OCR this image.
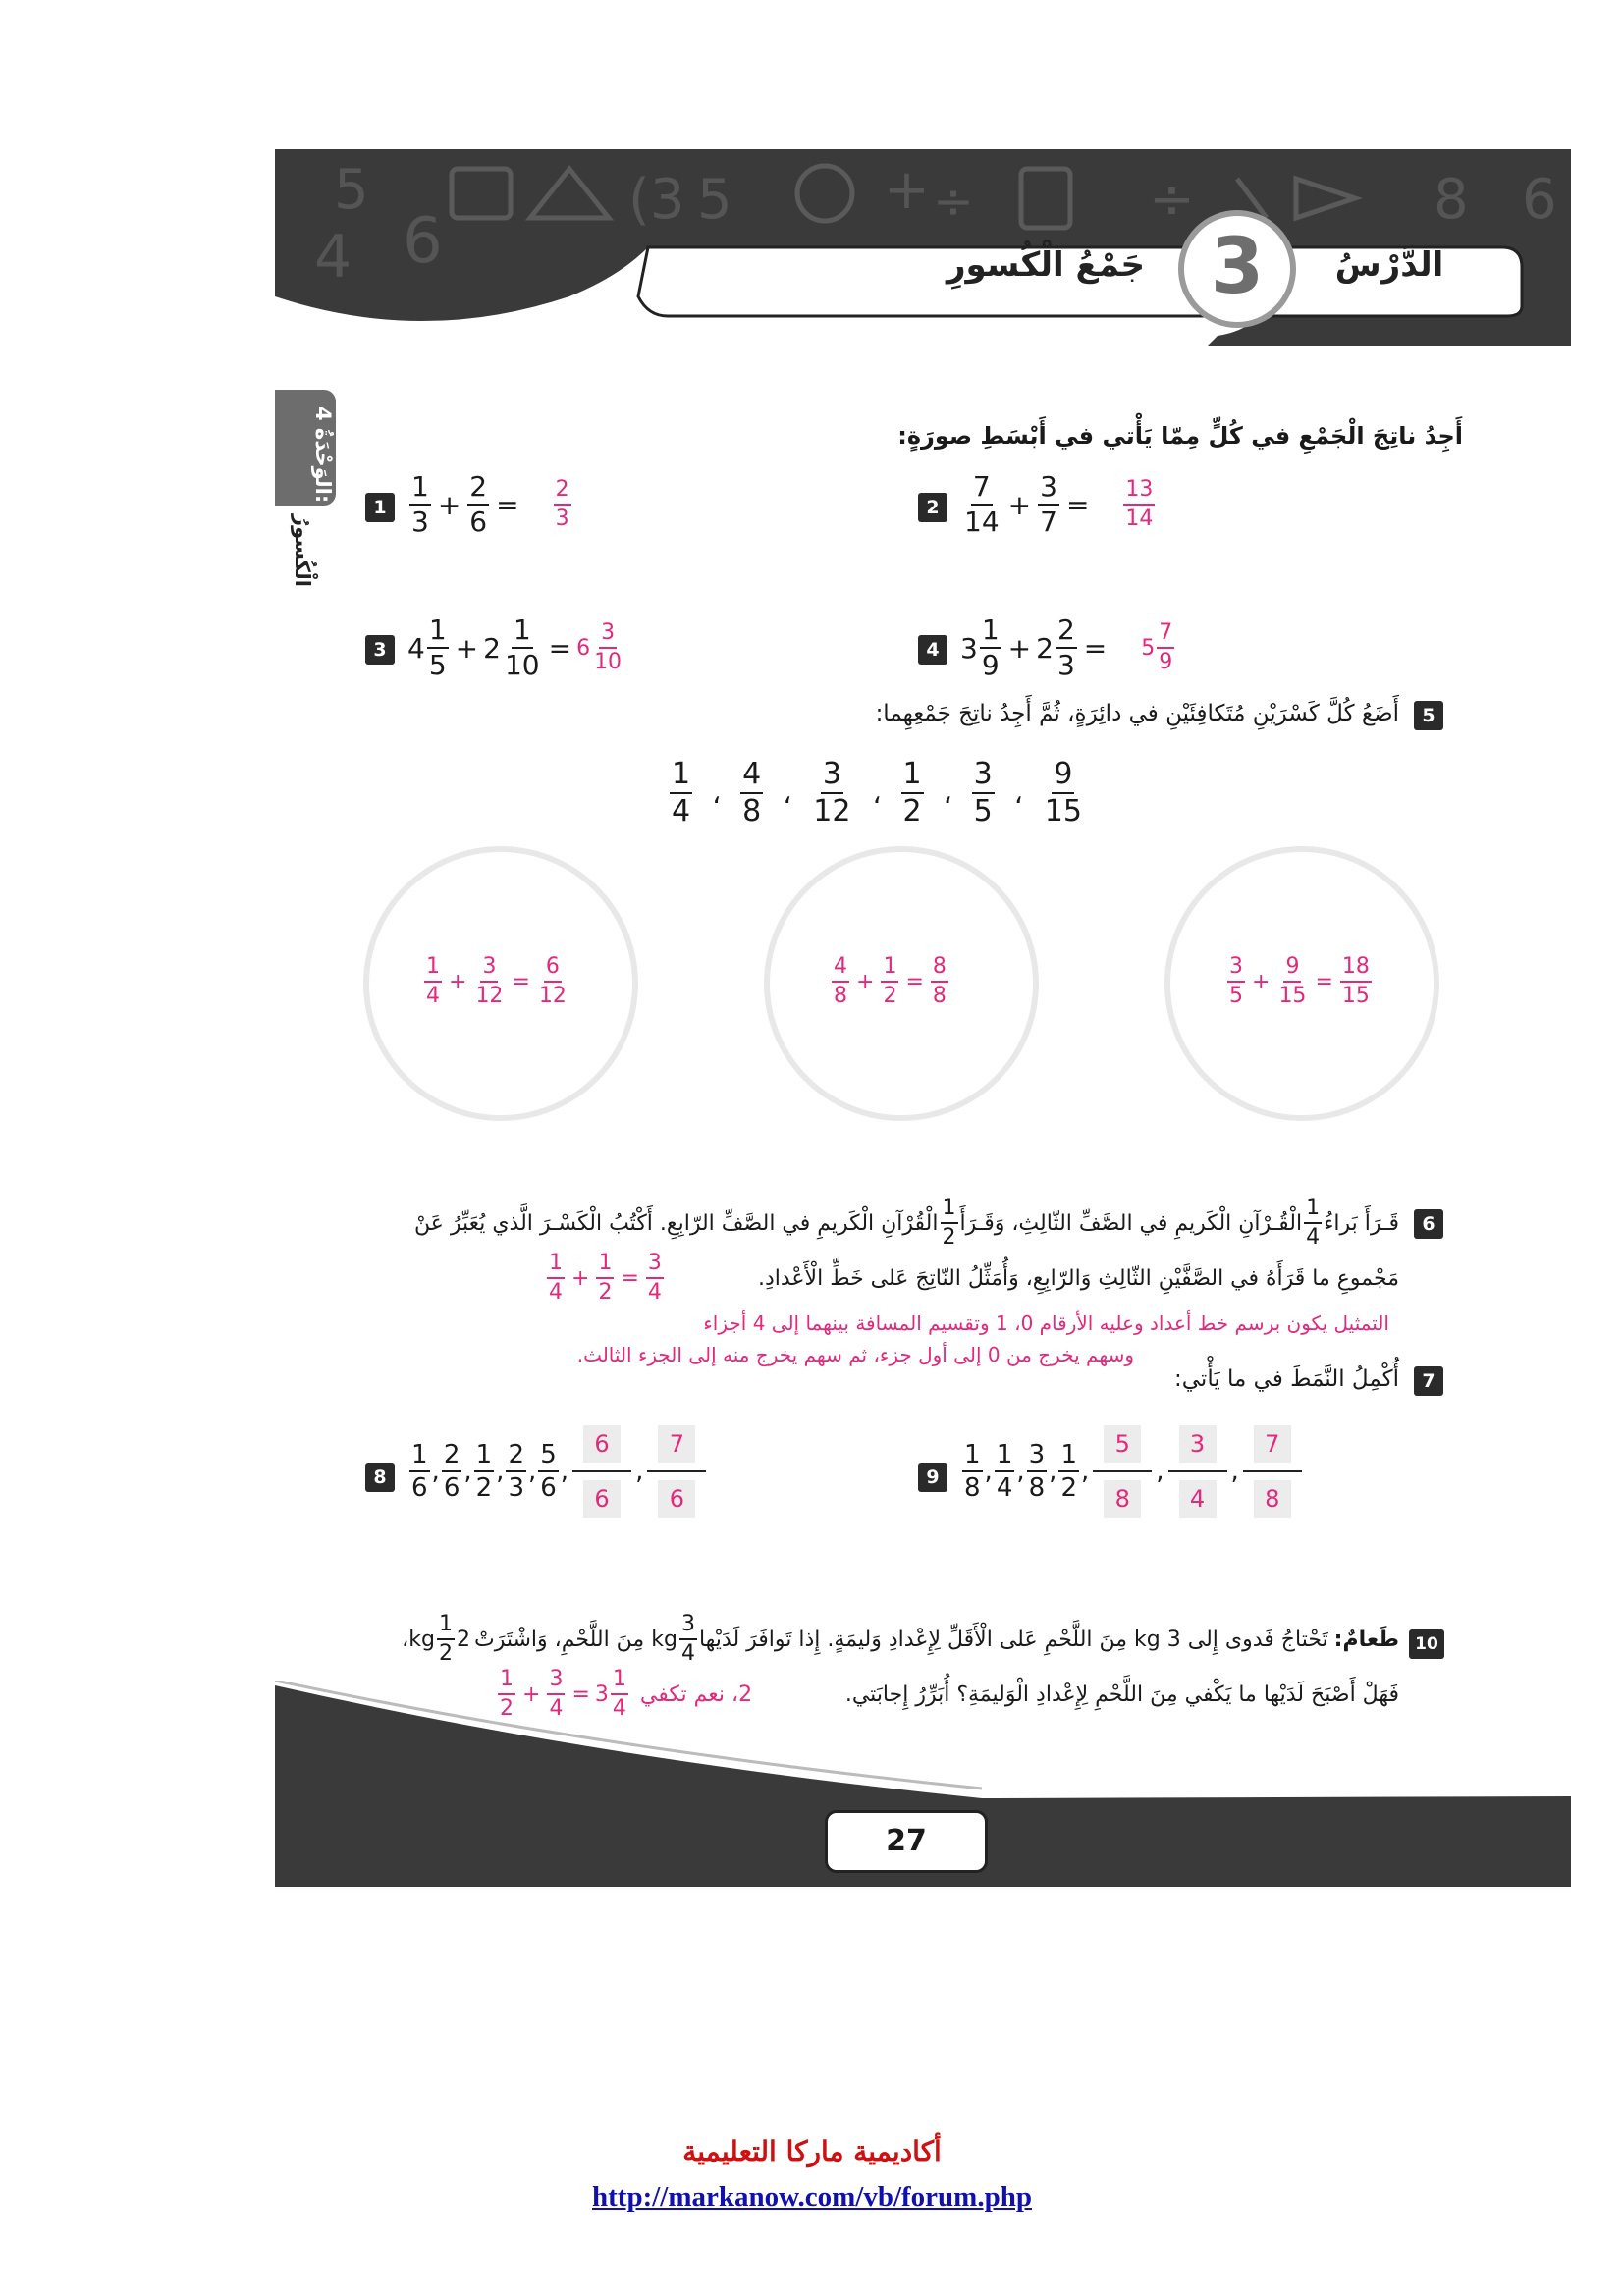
5
6
4
(3 5	+ ÷	÷	8 6
الدَّرْسُ
3
جَمْعُ الْكُسورِ
الوَحْدَةُ 4:
الْكُسورُ
أَجِدُ ناتِجَ الْجَمْعِ في كُلٍّ مِمّا يَأْتي في أَبْسَطِ صورَةٍ:
1
1
3
+ $\frac{2}{6} = \frac{2}{3}$	2
7
14
+ $\frac{3}{7} = \frac{13}{14}$
3 4
1
5
+ $2 \frac{1}{10} = 6$
3
10	4 3
1
9
+ $2 \frac{2}{3} = 5$
7
9
5
أَضَعُ كُلَّ كَسْرَيْنِ مُتَكافِئَيْنِ في دائِرَةٍ، ثُمَّ أَجِدُ ناتِجَ جَمْعِهِما:
1
4
،
4
8
،
3
12
،
1
2
،
3
5
،
9
15
1
4
+ $\frac{3}{12} = \frac{6}{12}$	4
8
+ $\frac{1}{2} = \frac{8}{8}$	3
5
+ $\frac{9}{15} = \frac{18}{15}$
6
قَـرَأَ بَراءُ
1
4
الْقُـرْآنِ الْكَريمِ في الصَّفِّ الثّالِثِ، وَقَـرَأَ
1
2
الْقُرْآنِ الْكَريمِ في الصَّفِّ الرّابِعِ. أَكْتُبُ الْكَسْـرَ الَّذي يُعَبِّرُ عَنْ
مَجْموعِ ما قَرَأَهُ في الصَّفَّيْنِ الثّالِثِ وَالرّابِعِ، وَأُمَثِّلُ النّاتِجَ عَلى خَطِّ الْأَعْدادِ.
1
4
+ $\frac{1}{2} = \frac{3}{4}$
التمثيل يكون برسم خط أعداد وعليه الأرقام 0، 1 وتقسيم المسافة بينهما إلى 4 أجزاء
وسهم يخرج من 0 إلى أول جزء، ثم سهم يخرج منه إلى الجزء الثالث.
7
أُكْمِلُ النَّمَطَ في ما يَأْتي:
8
1
6
,
2
6
,
1
2
,
2
3
,
5
6
,
6
6
,
7
6
9
1
8
,
1
4
,
3
8
,
1
2
,
5
8
,
3
4
,
7
8
10
طَعامٌ:
تَحْتاجُ فَدوى إِلى 3 kg مِنَ اللَّحْمِ عَلى الْأَقَلِّ لِإِعْدادِ وَليمَةٍ. إِذا تَوافَرَ لَدَيْها
3
4
kg مِنَ اللَّحْمِ، وَاشْتَرَتْ
2
1
2
kg،
فَهَلْ أَصْبَحَ لَدَيْها ما يَكْفي مِنَ اللَّحْمِ لِإِعْدادِ الْوَليمَةِ؟ أُبَرِّرُ إِجابَتي.
1
2
+ $\frac{3}{4} = 3$
1
4
2، نعم تكفي
27
أكاديمية ماركا التعليمية
http://markanow.com/vb/forum.php
